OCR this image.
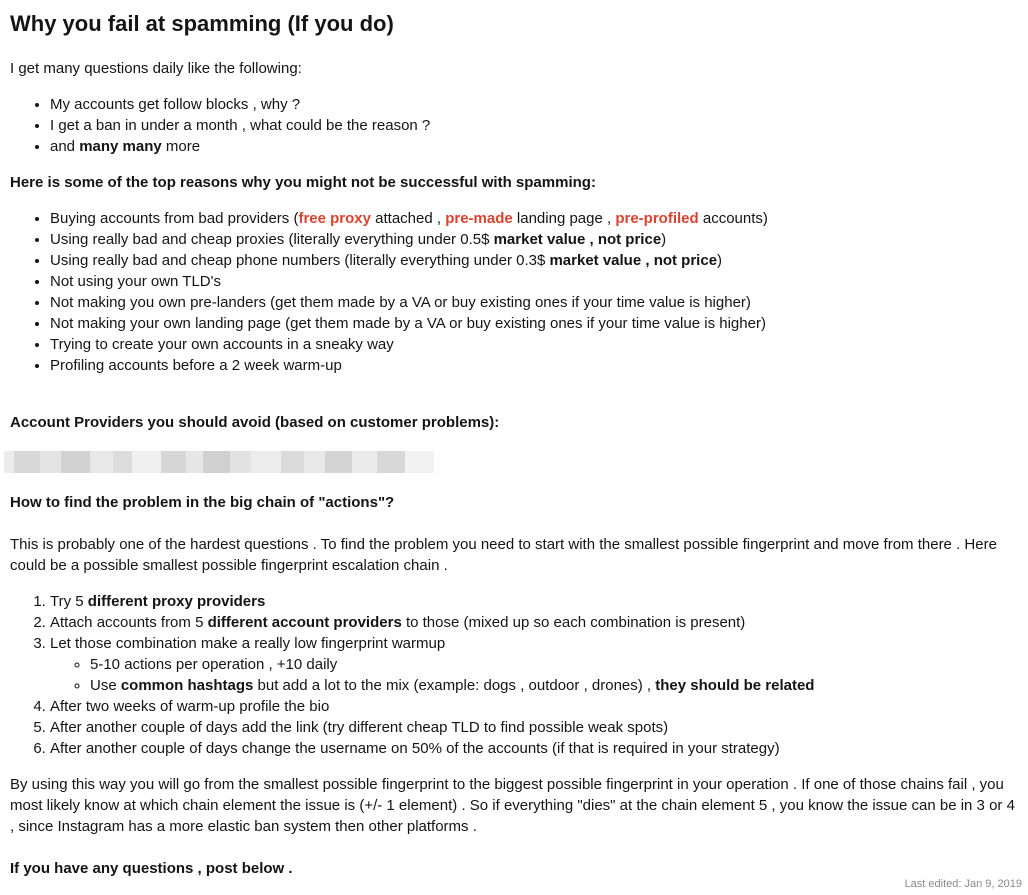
Why you fail at spamming (If you do)

I get many questions daily like the following:

• My accounts get follow blocks , why ?
• I get a ban in under a month , what could be the reason ?
• and many many more

Here is some of the top reasons why you might not be successful with spamming:

• Buying accounts from bad providers (free proxy attached , pre-made landing page , pre-profiled accounts)
• Using really bad and cheap proxies (literally everything under 0.5$ market value , not price)
• Using really bad and cheap phone numbers (literally everything under 0.3$ market value , not price)
• Not using your own TLD's
• Not making you own pre-landers (get them made by a VA or buy existing ones if your time value is higher)
• Not making your own landing page (get them made by a VA or buy existing ones if your time value is higher)
• Trying to create your own accounts in a sneaky way
• Profiling accounts before a 2 week warm-up

Account Providers you should avoid (based on customer problems):

How to find the problem in the big chain of "actions"?

This is probably one of the hardest questions . To find the problem you need to start with the smallest possible fingerprint and move from there . Here could be a possible smallest possible fingerprint escalation chain .

1. Try 5 different proxy providers
2. Attach accounts from 5 different account providers to those (mixed up so each combination is present)
3. Let those combination make a really low fingerprint warmup
◦ 5-10 actions per operation , +10 daily
◦ Use common hashtags but add a lot to the mix (example: dogs , outdoor , drones) , they should be related
4. After two weeks of warm-up profile the bio
5. After another couple of days add the link (try different cheap TLD to find possible weak spots)
6. After another couple of days change the username on 50% of the accounts (if that is required in your strategy)

By using this way you will go from the smallest possible fingerprint to the biggest possible fingerprint in your operation . If one of those chains fail , you most likely know at which chain element the issue is (+/- 1 element) . So if everything "dies" at the chain element 5 , you know the issue can be in 3 or 4 , since Instagram has a more elastic ban system then other platforms .

If you have any questions , post below .

Last edited: Jan 9, 2019
